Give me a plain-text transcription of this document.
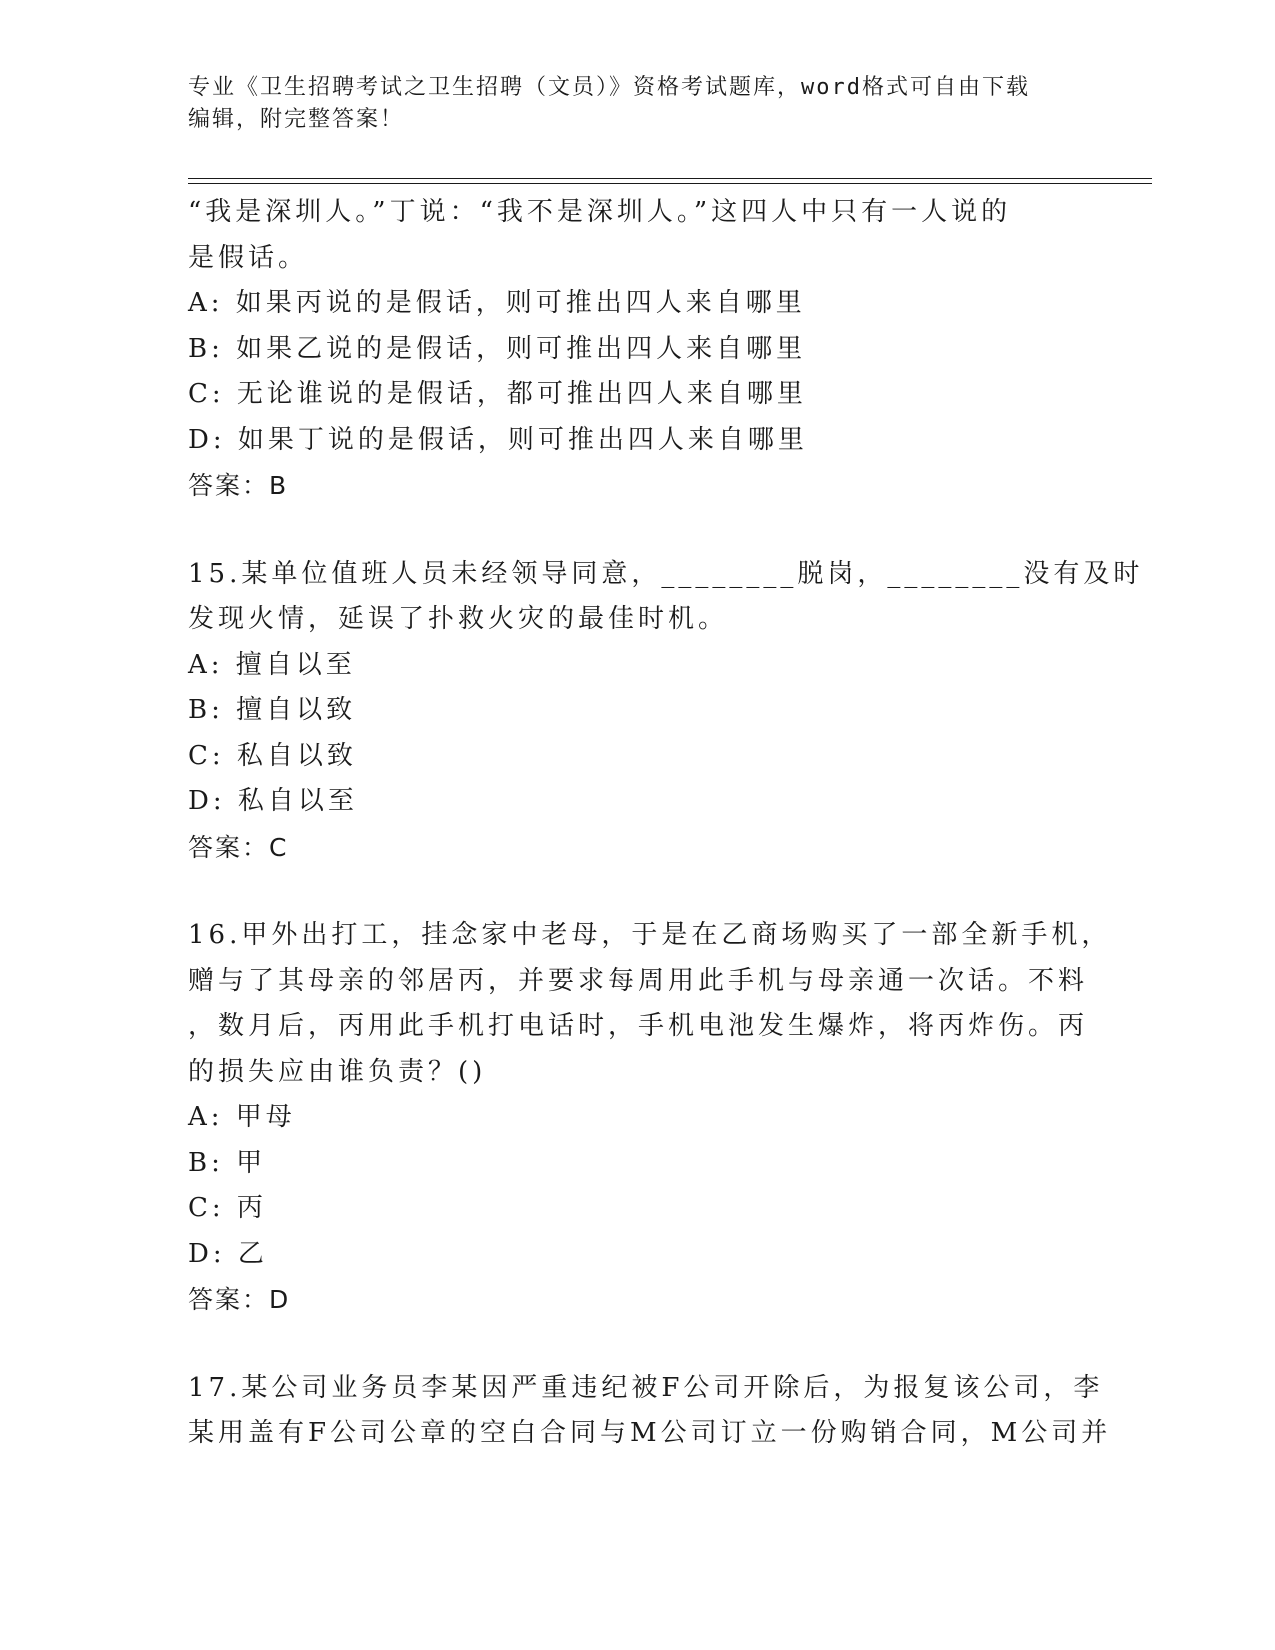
专业《卫生招聘考试之卫生招聘（文员）》资格考试题库，word格式可自由下载
编辑，附完整答案！
“我是深圳人。”丁说：“我不是深圳人。”这四人中只有一人说的
是假话。
A: 如果丙说的是假话，则可推出四人来自哪里
B: 如果乙说的是假话，则可推出四人来自哪里
C: 无论谁说的是假话，都可推出四人来自哪里
D: 如果丁说的是假话，则可推出四人来自哪里
答案：B
15.某单位值班人员未经领导同意，________脱岗，________没有及时
发现火情，延误了扑救火灾的最佳时机。
A: 擅自以至
B: 擅自以致
C: 私自以致
D: 私自以至
答案：C
16.甲外出打工，挂念家中老母，于是在乙商场购买了一部全新手机，
赠与了其母亲的邻居丙，并要求每周用此手机与母亲通一次话。不料
，数月后，丙用此手机打电话时，手机电池发生爆炸，将丙炸伤。丙
的损失应由谁负责？()
A: 甲母
B: 甲
C: 丙
D: 乙
答案：D
17.某公司业务员李某因严重违纪被F公司开除后，为报复该公司，李
某用盖有F公司公章的空白合同与M公司订立一份购销合同，M公司并
